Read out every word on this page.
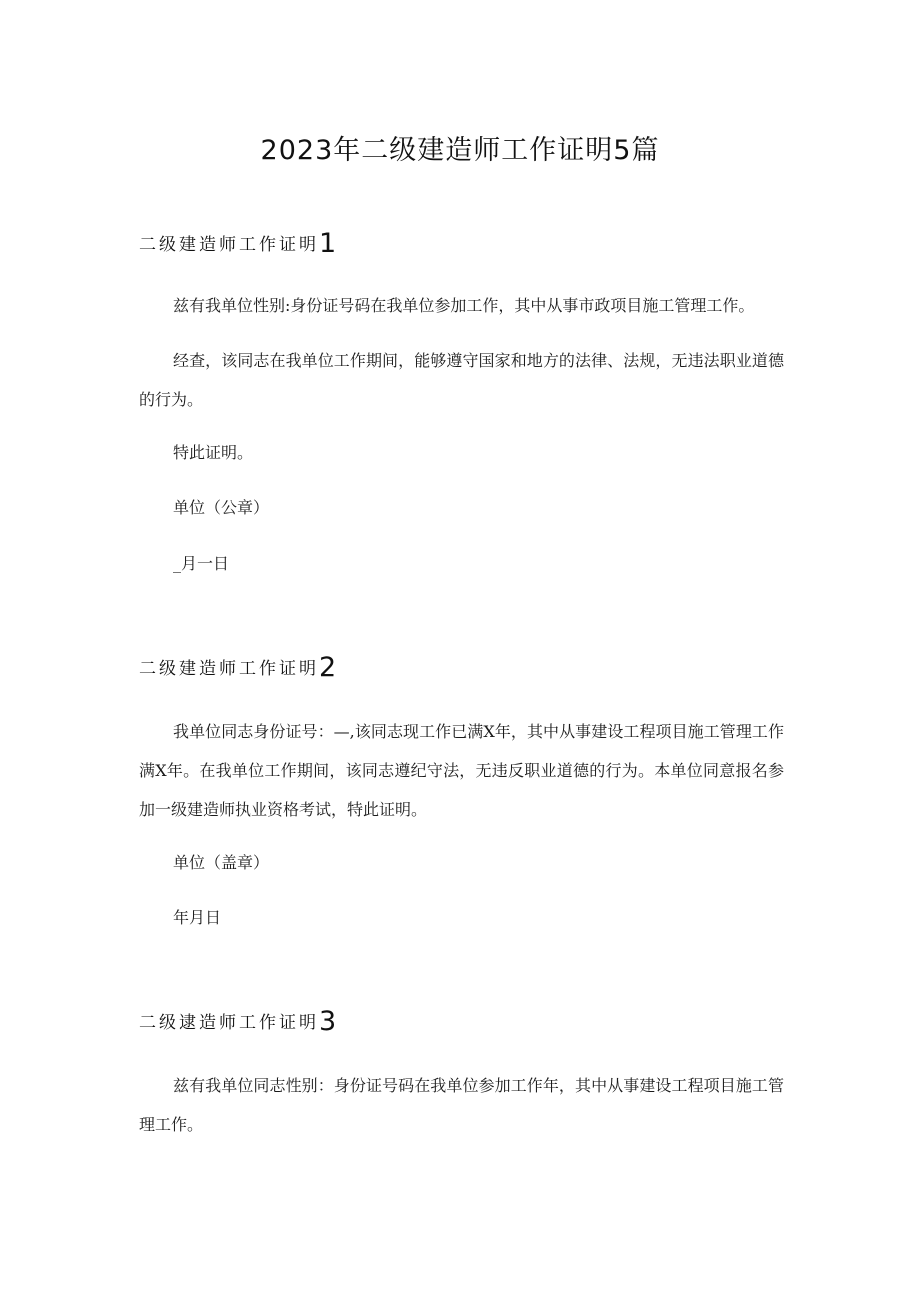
2023年二级建造师工作证明5篇
二级建造师工作证明1

兹有我单位性别:身份证号码在我单位参加工作，其中从事市政项目施工管理工作。

经查，该同志在我单位工作期间，能够遵守国家和地方的法律、法规，无违法职业道德的行为。

特此证明。

单位（公章）

_月一日

二级建造师工作证明2

我单位同志身份证号：—,该同志现工作已满X年，其中从事建设工程项目施工管理工作满X年。在我单位工作期间，该同志遵纪守法，无违反职业道德的行为。本单位同意报名参加一级建造师执业资格考试，特此证明。

单位（盖章）

年月日

二级逮造师工作证明3

兹有我单位同志性别：身份证号码在我单位参加工作年，其中从事建设工程项目施工管理工作。
